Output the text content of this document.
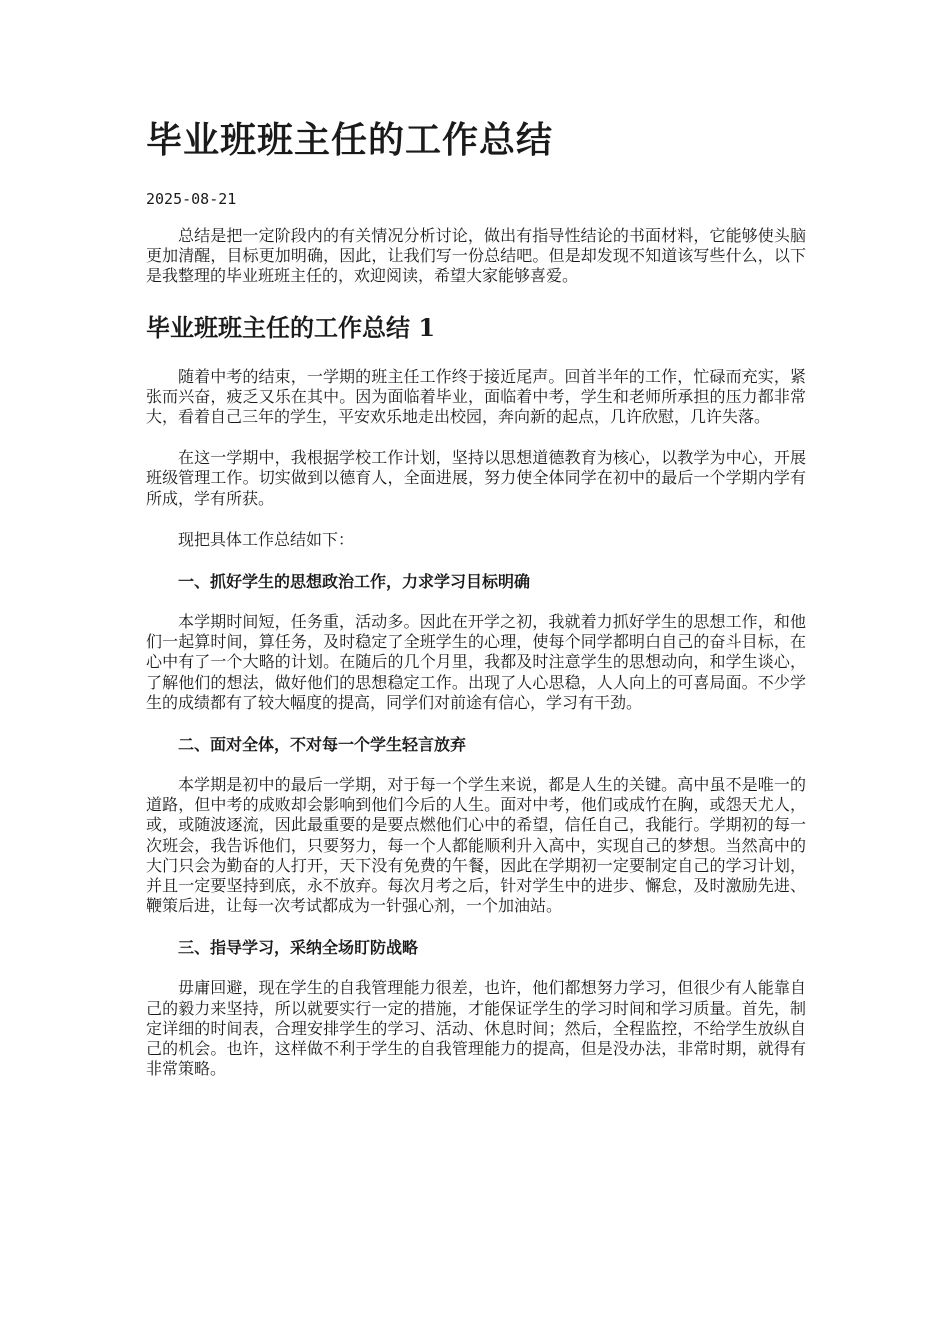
毕业班班主任的工作总结
2025-08-21

总结是把一定阶段内的有关情况分析讨论，做出有指导性结论的书面材料，它能够使头脑更加清醒，目标更加明确，因此，让我们写一份总结吧。但是却发现不知道该写些什么，以下是我整理的毕业班班主任的，欢迎阅读，希望大家能够喜爱。

毕业班班主任的工作总结 1

随着中考的结束，一学期的班主任工作终于接近尾声。回首半年的工作，忙碌而充实，紧张而兴奋，疲乏又乐在其中。因为面临着毕业，面临着中考，学生和老师所承担的压力都非常大，看着自己三年的学生，平安欢乐地走出校园，奔向新的起点，几许欣慰，几许失落。

在这一学期中，我根据学校工作计划，坚持以思想道德教育为核心，以教学为中心，开展班级管理工作。切实做到以德育人，全面进展，努力使全体同学在初中的最后一个学期内学有所成，学有所获。

现把具体工作总结如下：

一、抓好学生的思想政治工作，力求学习目标明确

本学期时间短，任务重，活动多。因此在开学之初，我就着力抓好学生的思想工作，和他们一起算时间，算任务，及时稳定了全班学生的心理，使每个同学都明白自己的奋斗目标，在心中有了一个大略的计划。在随后的几个月里，我都及时注意学生的思想动向，和学生谈心，了解他们的想法，做好他们的思想稳定工作。出现了人心思稳，人人向上的可喜局面。不少学生的成绩都有了较大幅度的提高，同学们对前途有信心，学习有干劲。

二、面对全体，不对每一个学生轻言放弃

本学期是初中的最后一学期，对于每一个学生来说，都是人生的关键。高中虽不是唯一的道路，但中考的成败却会影响到他们今后的人生。面对中考，他们或成竹在胸，或怨天尤人，或，或随波逐流，因此最重要的是要点燃他们心中的希望，信任自己，我能行。学期初的每一次班会，我告诉他们，只要努力，每一个人都能顺利升入高中，实现自己的梦想。当然高中的大门只会为勤奋的人打开，天下没有免费的午餐，因此在学期初一定要制定自己的学习计划，并且一定要坚持到底，永不放弃。每次月考之后，针对学生中的进步、懈怠，及时激励先进、鞭策后进，让每一次考试都成为一针强心剂，一个加油站。

三、指导学习，采纳全场盯防战略

毋庸回避，现在学生的自我管理能力很差，也许，他们都想努力学习，但很少有人能靠自己的毅力来坚持，所以就要实行一定的措施，才能保证学生的学习时间和学习质量。首先，制定详细的时间表，合理安排学生的学习、活动、休息时间；然后，全程监控，不给学生放纵自己的机会。也许，这样做不利于学生的自我管理能力的提高，但是没办法，非常时期，就得有非常策略。
